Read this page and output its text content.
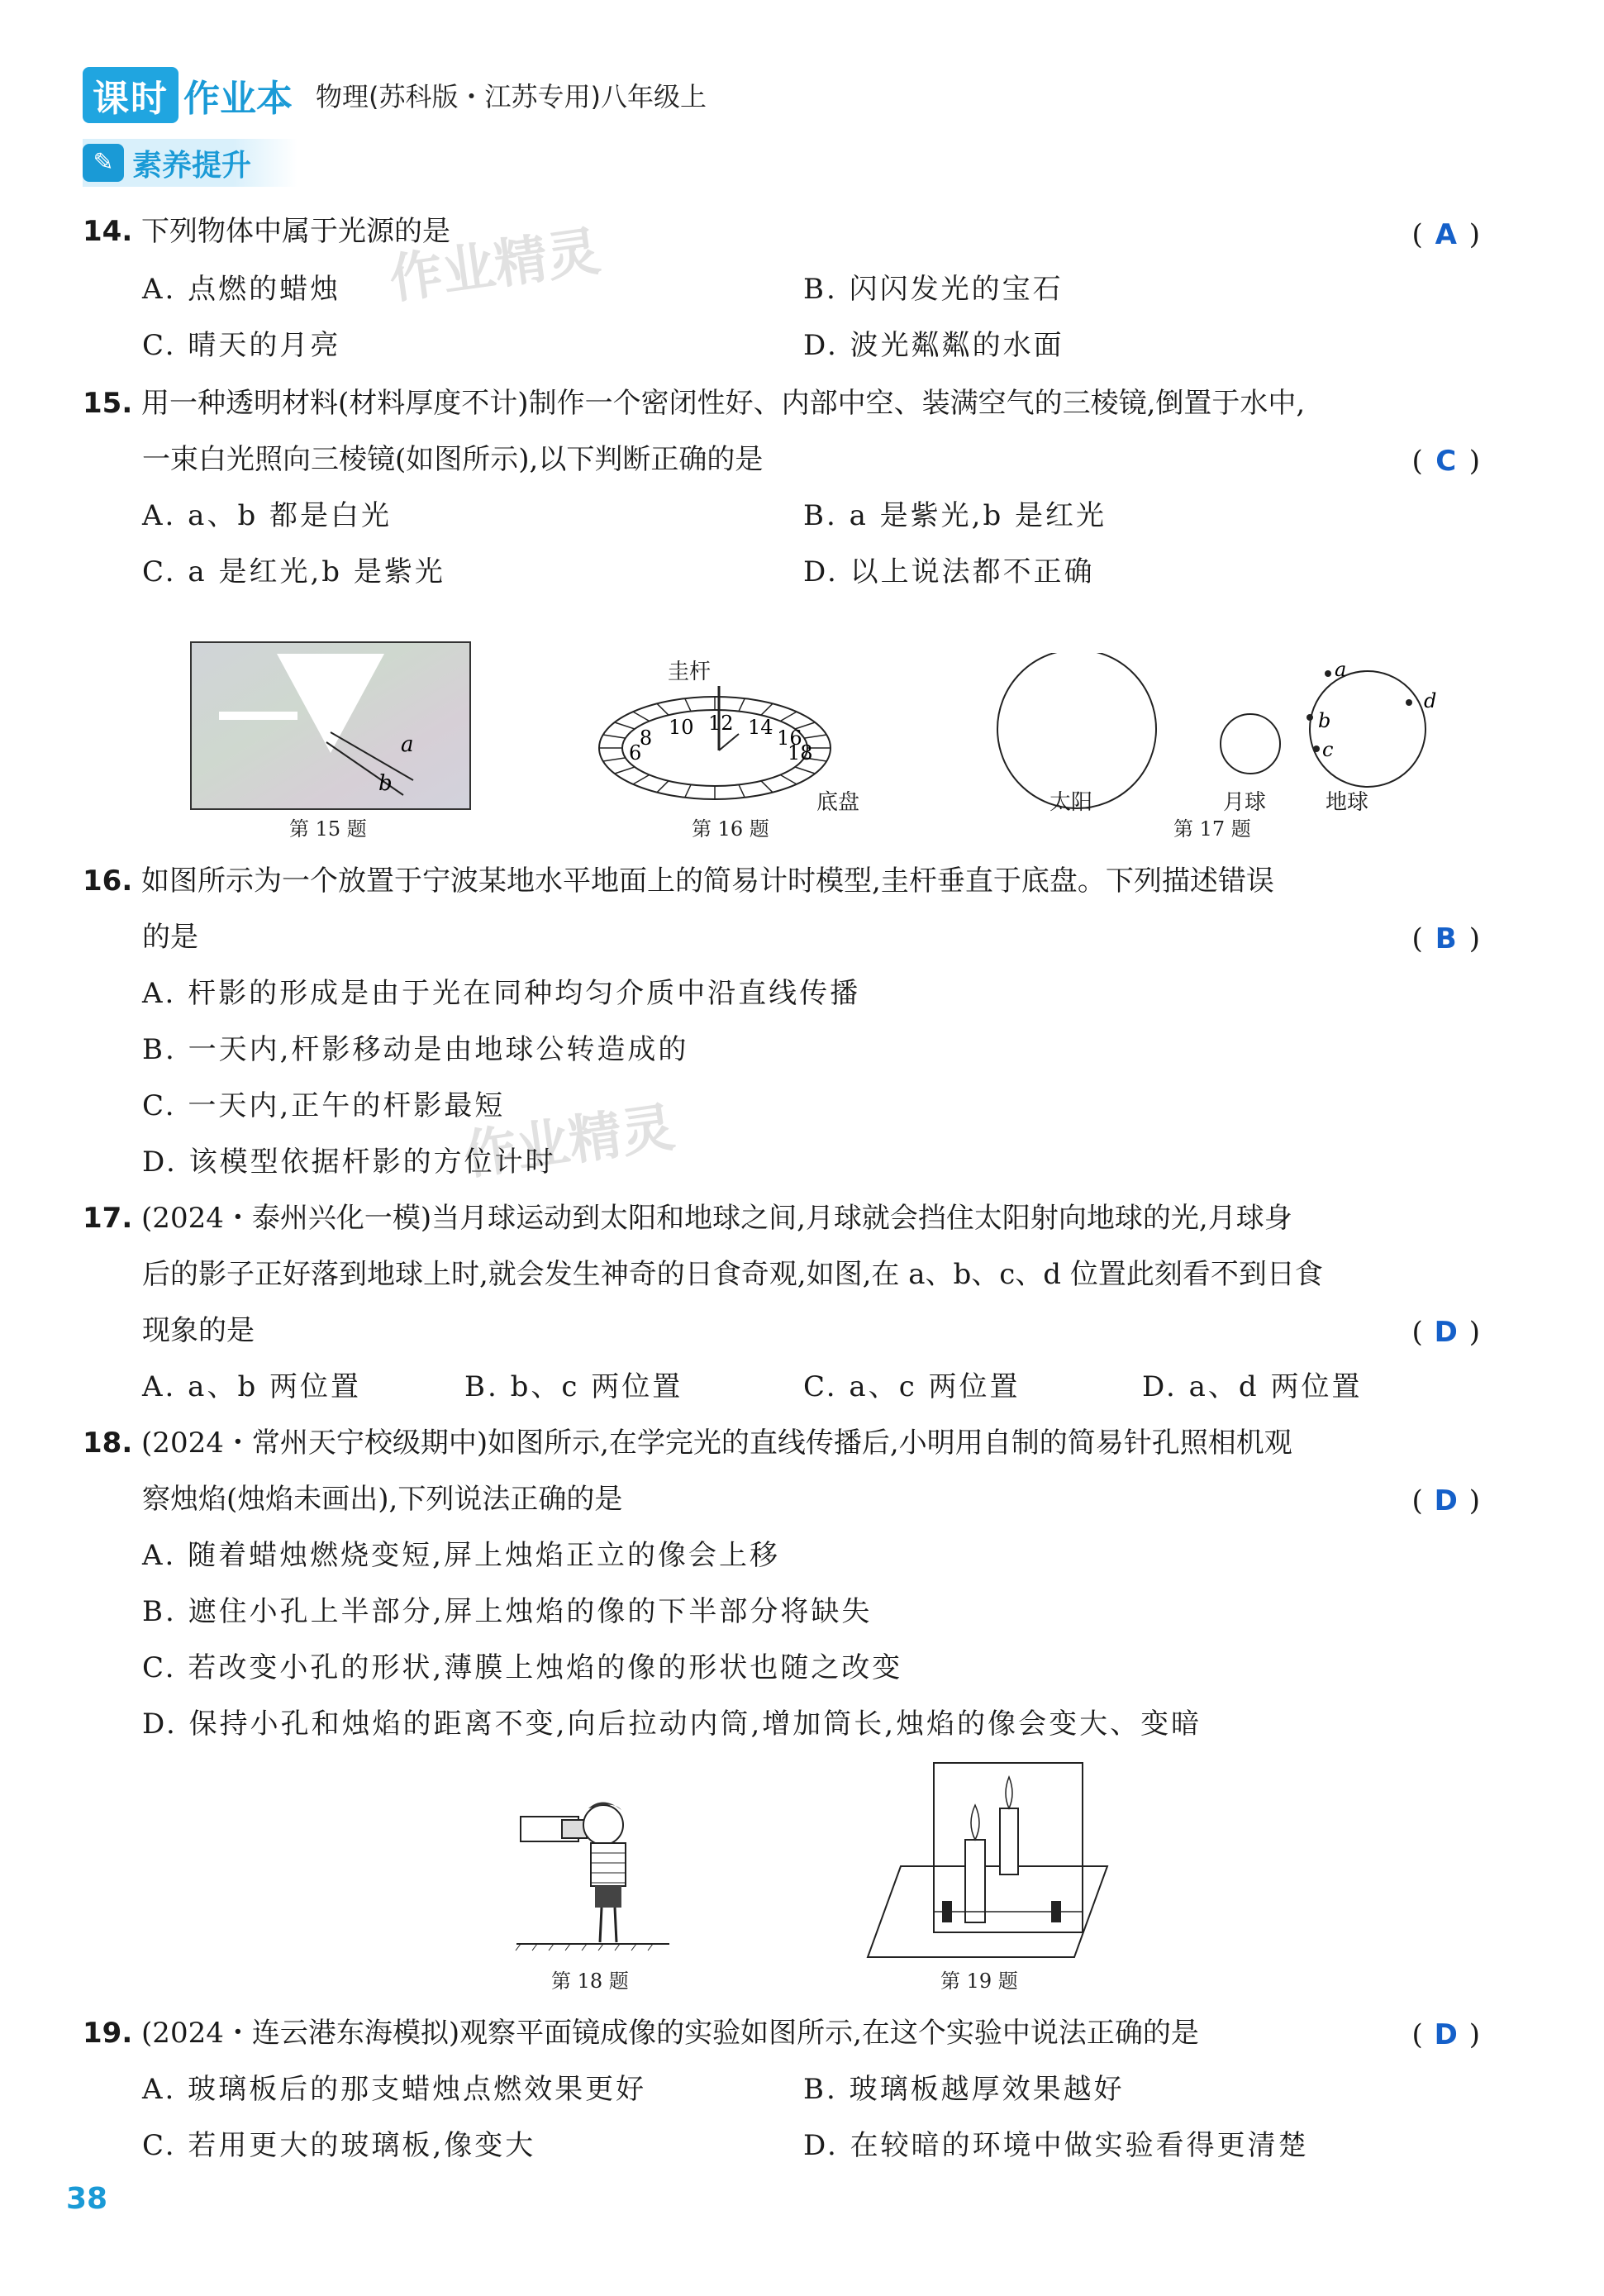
课时 作业本 物理(苏科版・江苏专用)八年级上
✎ 素养提升
作业精灵
作业精灵
14. 下列物体中属于光源的是	( A )
A. 点燃的蜡烛	B. 闪闪发光的宝石
C. 晴天的月亮	D. 波光粼粼的水面
15. 用一种透明材料(材料厚度不计)制作一个密闭性好、内部中空、装满空气的三棱镜,倒置于水中,
一束白光照向三棱镜(如图所示),以下判断正确的是	( C )
A. a、b 都是白光	B. a 是紫光,b 是红光
C. a 是红光,b 是紫光	D. 以上说法都不正确
a
b
第 15 题
6
8 10 12 14 16
18
圭杆
底盘
第 16 题
a
b
c
d
太阳	月球	地球
第 17 题
16. 如图所示为一个放置于宁波某地水平地面上的简易计时模型,圭杆垂直于底盘。下列描述错误
的是	( B )
A. 杆影的形成是由于光在同种均匀介质中沿直线传播
B. 一天内,杆影移动是由地球公转造成的
C. 一天内,正午的杆影最短
D. 该模型依据杆影的方位计时
17. (2024・泰州兴化一模)当月球运动到太阳和地球之间,月球就会挡住太阳射向地球的光,月球身
后的影子正好落到地球上时,就会发生神奇的日食奇观,如图,在 a、b、c、d 位置此刻看不到日食
现象的是	( D )
A. a、b 两位置	B. b、c 两位置	C. a、c 两位置	D. a、d 两位置
18. (2024・常州天宁校级期中)如图所示,在学完光的直线传播后,小明用自制的简易针孔照相机观
察烛焰(烛焰未画出),下列说法正确的是	( D )
A. 随着蜡烛燃烧变短,屏上烛焰正立的像会上移
B. 遮住小孔上半部分,屏上烛焰的像的下半部分将缺失
C. 若改变小孔的形状,薄膜上烛焰的像的形状也随之改变
D. 保持小孔和烛焰的距离不变,向后拉动内筒,增加筒长,烛焰的像会变大、变暗
第 18 题	第 19 题
19. (2024・连云港东海模拟)观察平面镜成像的实验如图所示,在这个实验中说法正确的是	( D )
A. 玻璃板后的那支蜡烛点燃效果更好	B. 玻璃板越厚效果越好
C. 若用更大的玻璃板,像变大	D. 在较暗的环境中做实验看得更清楚
38
